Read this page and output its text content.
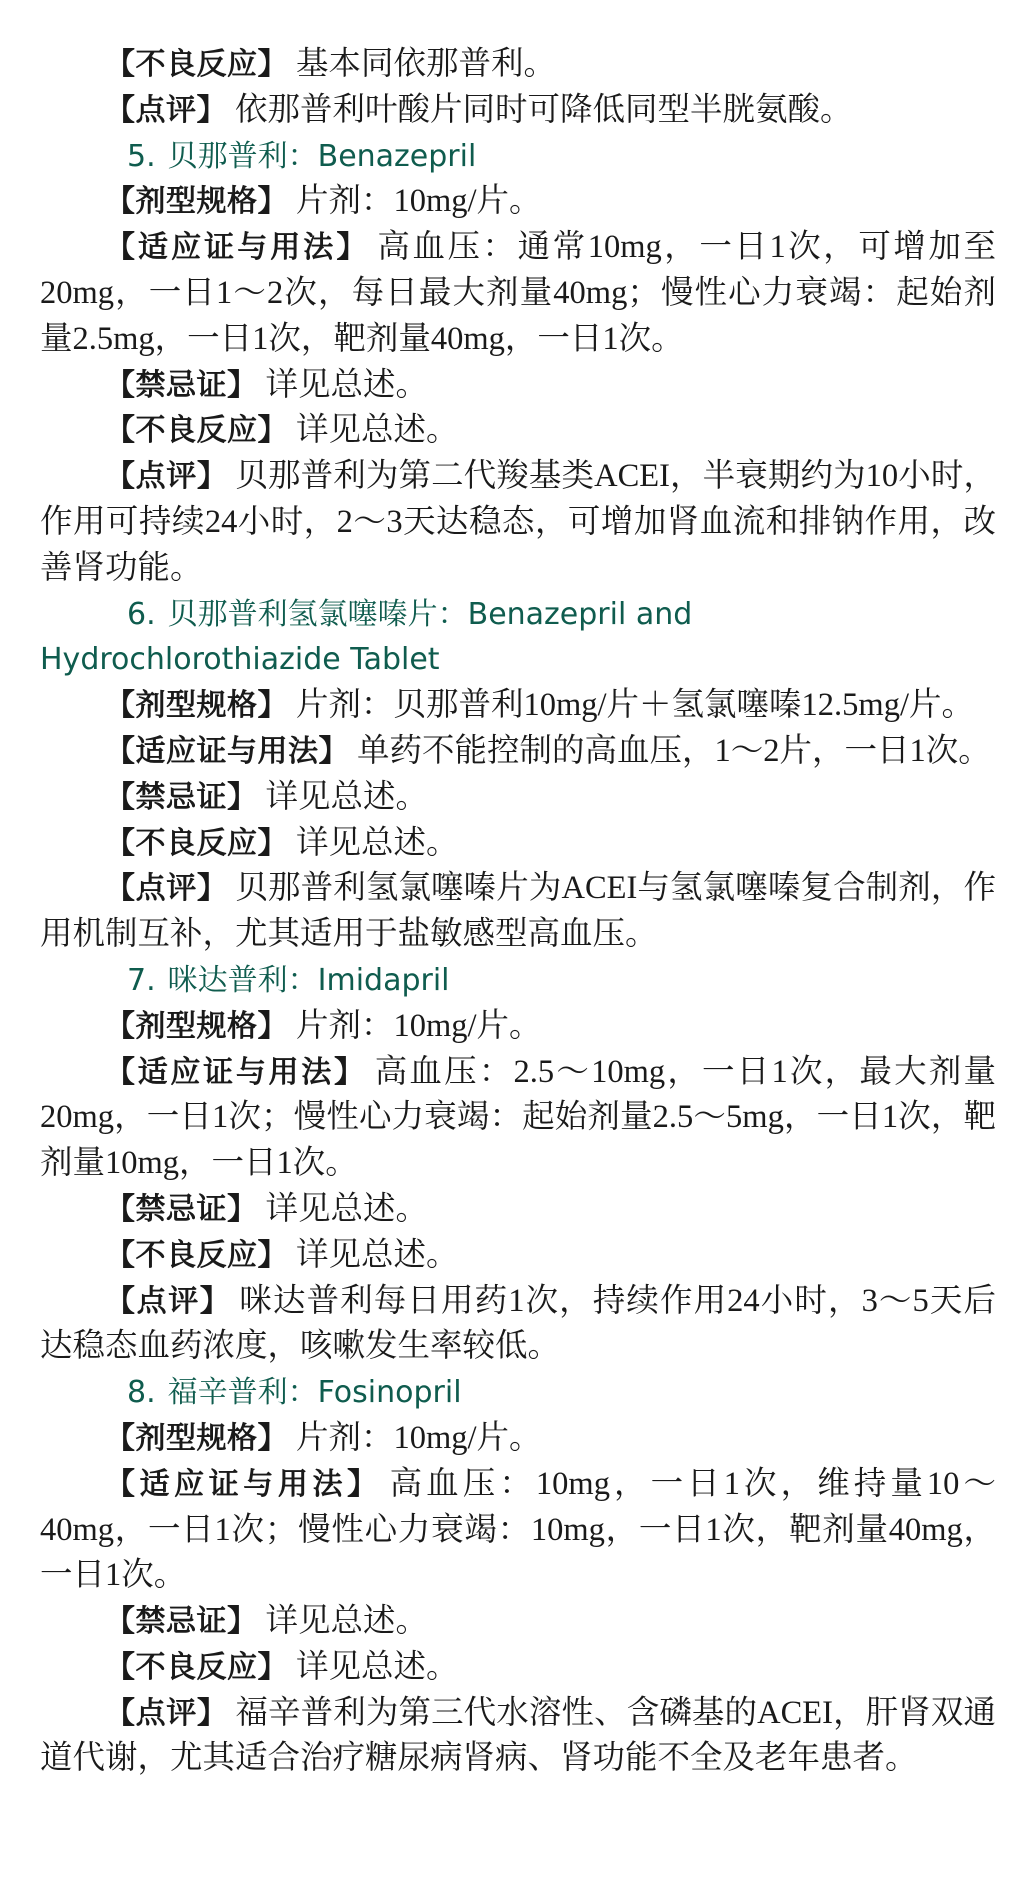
【不良反应】 基本同依那普利。

【点评】 依那普利叶酸片同时可降低同型半胱氨酸。

5. 贝那普利：Benazepril

【剂型规格】 片剂：10mg/片。

【适应证与用法】 高血压：通常10mg，一日1次，可增加至20mg，一日1～2次，每日最大剂量40mg；慢性心力衰竭：起始剂量2.5mg，一日1次，靶剂量40mg，一日1次。

【禁忌证】 详见总述。

【不良反应】 详见总述。

【点评】 贝那普利为第二代羧基类ACEI，半衰期约为10小时，作用可持续24小时，2～3天达稳态，可增加肾血流和排钠作用，改善肾功能。

6. 贝那普利氢氯噻嗪片：Benazepril and Hydrochlorothiazide Tablet

【剂型规格】 片剂：贝那普利10mg/片＋氢氯噻嗪12.5mg/片。

【适应证与用法】 单药不能控制的高血压，1～2片，一日1次。

【禁忌证】 详见总述。

【不良反应】 详见总述。

【点评】 贝那普利氢氯噻嗪片为ACEI与氢氯噻嗪复合制剂，作用机制互补，尤其适用于盐敏感型高血压。

7. 咪达普利：Imidapril

【剂型规格】 片剂：10mg/片。

【适应证与用法】 高血压：2.5～10mg，一日1次，最大剂量20mg，一日1次；慢性心力衰竭：起始剂量2.5～5mg，一日1次，靶剂量10mg，一日1次。

【禁忌证】 详见总述。

【不良反应】 详见总述。

【点评】 咪达普利每日用药1次，持续作用24小时，3～5天后达稳态血药浓度，咳嗽发生率较低。

8. 福辛普利：Fosinopril

【剂型规格】 片剂：10mg/片。

【适应证与用法】 高血压：10mg，一日1次，维持量10～40mg，一日1次；慢性心力衰竭：10mg，一日1次，靶剂量40mg，一日1次。

【禁忌证】 详见总述。

【不良反应】 详见总述。

【点评】 福辛普利为第三代水溶性、含磷基的ACEI，肝肾双通道代谢，尤其适合治疗糖尿病肾病、肾功能不全及老年患者。
